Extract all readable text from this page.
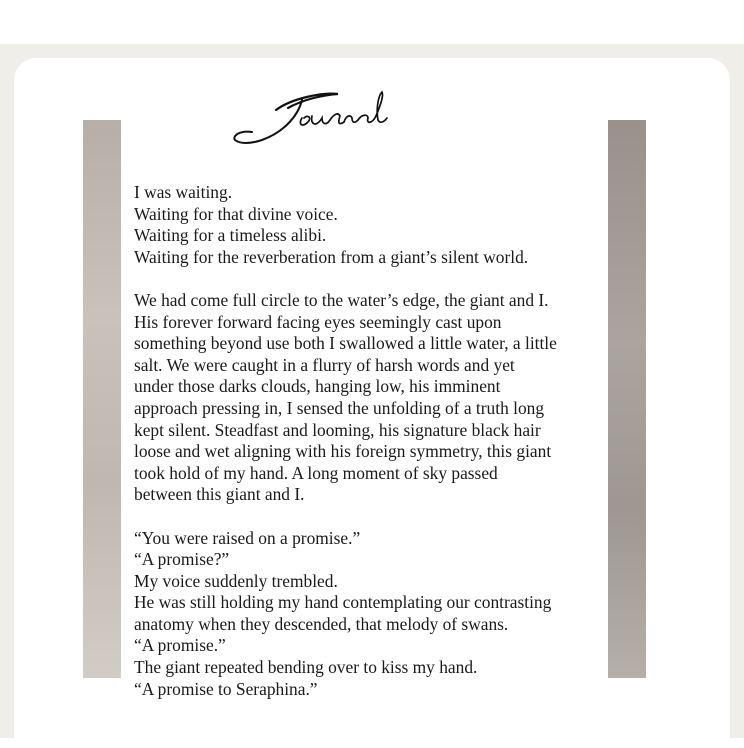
I was waiting.
Waiting for that divine voice.
Waiting for a timeless alibi.
Waiting for the reverberation from a giant’s silent world.
We had come full circle to the water’s edge, the giant and I.
His forever forward facing eyes seemingly cast upon
something beyond use both I swallowed a little water, a little
salt. We were caught in a flurry of harsh words and yet
under those darks clouds, hanging low, his imminent
approach pressing in, I sensed the unfolding of a truth long
kept silent. Steadfast and looming, his signature black hair
loose and wet aligning with his foreign symmetry, this giant
took hold of my hand. A long moment of sky passed
between this giant and I.
“You were raised on a promise.”
“A promise?”
My voice suddenly trembled.
He was still holding my hand contemplating our contrasting
anatomy when they descended, that melody of swans.
“A promise.”
The giant repeated bending over to kiss my hand.
“A promise to Seraphina.”
